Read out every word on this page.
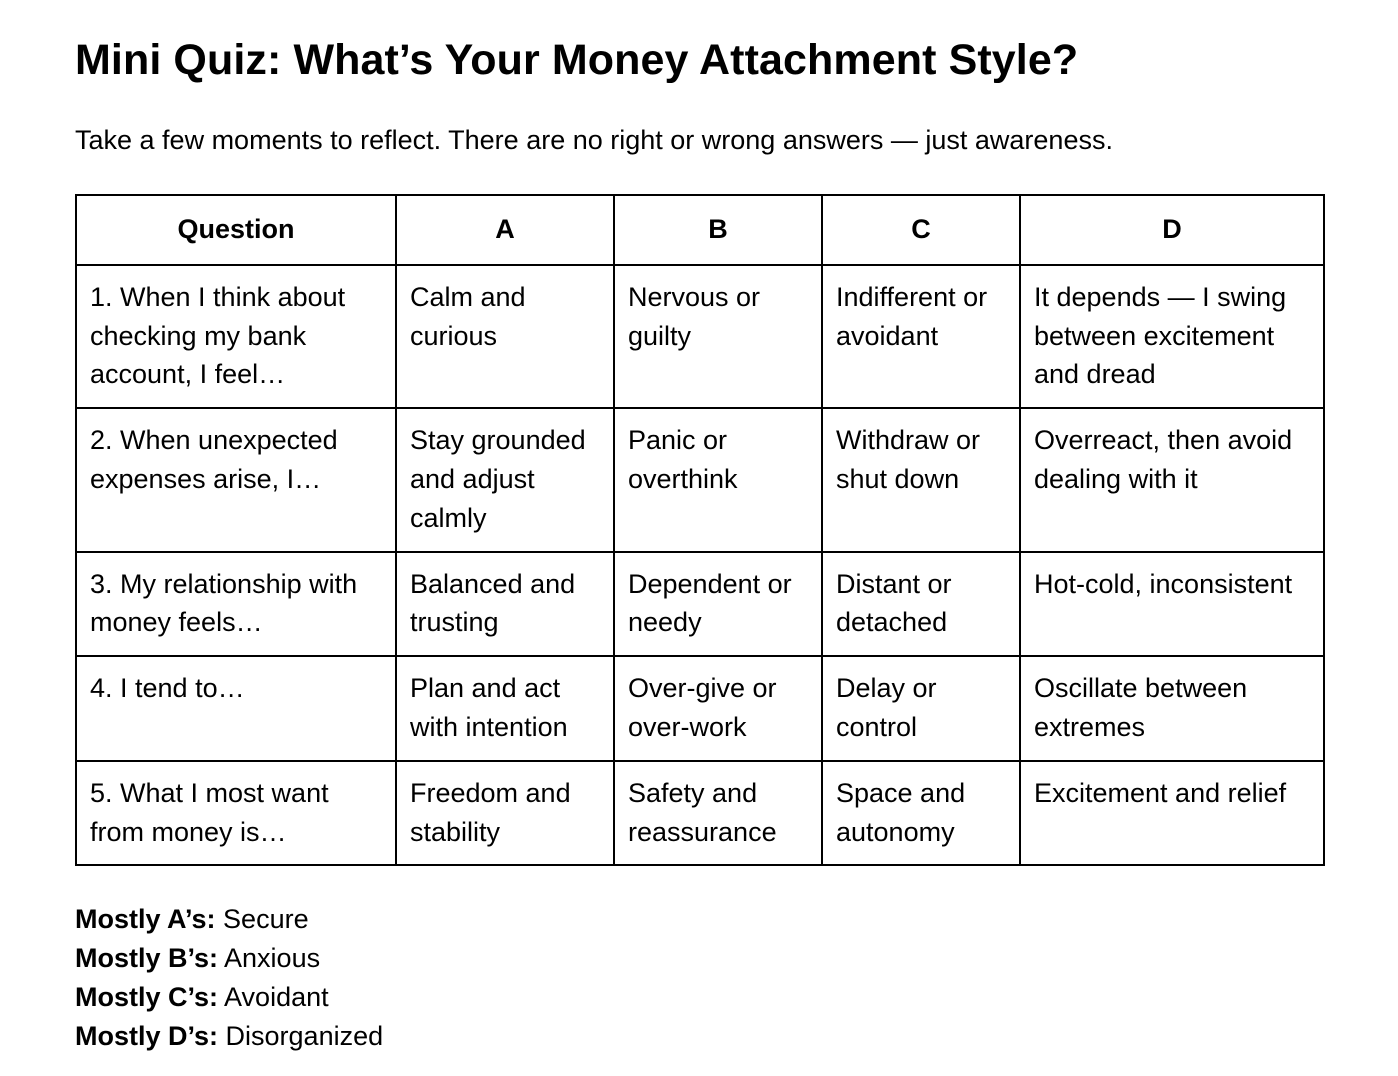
Mini Quiz: What’s Your Money Attachment Style?

Take a few moments to reflect. There are no right or wrong answers — just awareness.

Question	A	B	C	D
1. When I think about checking my bank account, I feel…	Calm and curious	Nervous or guilty	Indifferent or avoidant	It depends — I swing between excitement and dread
2. When unexpected expenses arise, I…	Stay grounded and adjust calmly	Panic or overthink	Withdraw or shut down	Overreact, then avoid dealing with it
3. My relationship with money feels…	Balanced and trusting	Dependent or needy	Distant or detached	Hot-cold, inconsistent
4. I tend to…	Plan and act with intention	Over-give or over-work	Delay or control	Oscillate between extremes
5. What I most want from money is…	Freedom and stability	Safety and reassurance	Space and autonomy	Excitement and relief
Mostly A’s: Secure
Mostly B’s: Anxious
Mostly C’s: Avoidant
Mostly D’s: Disorganized
